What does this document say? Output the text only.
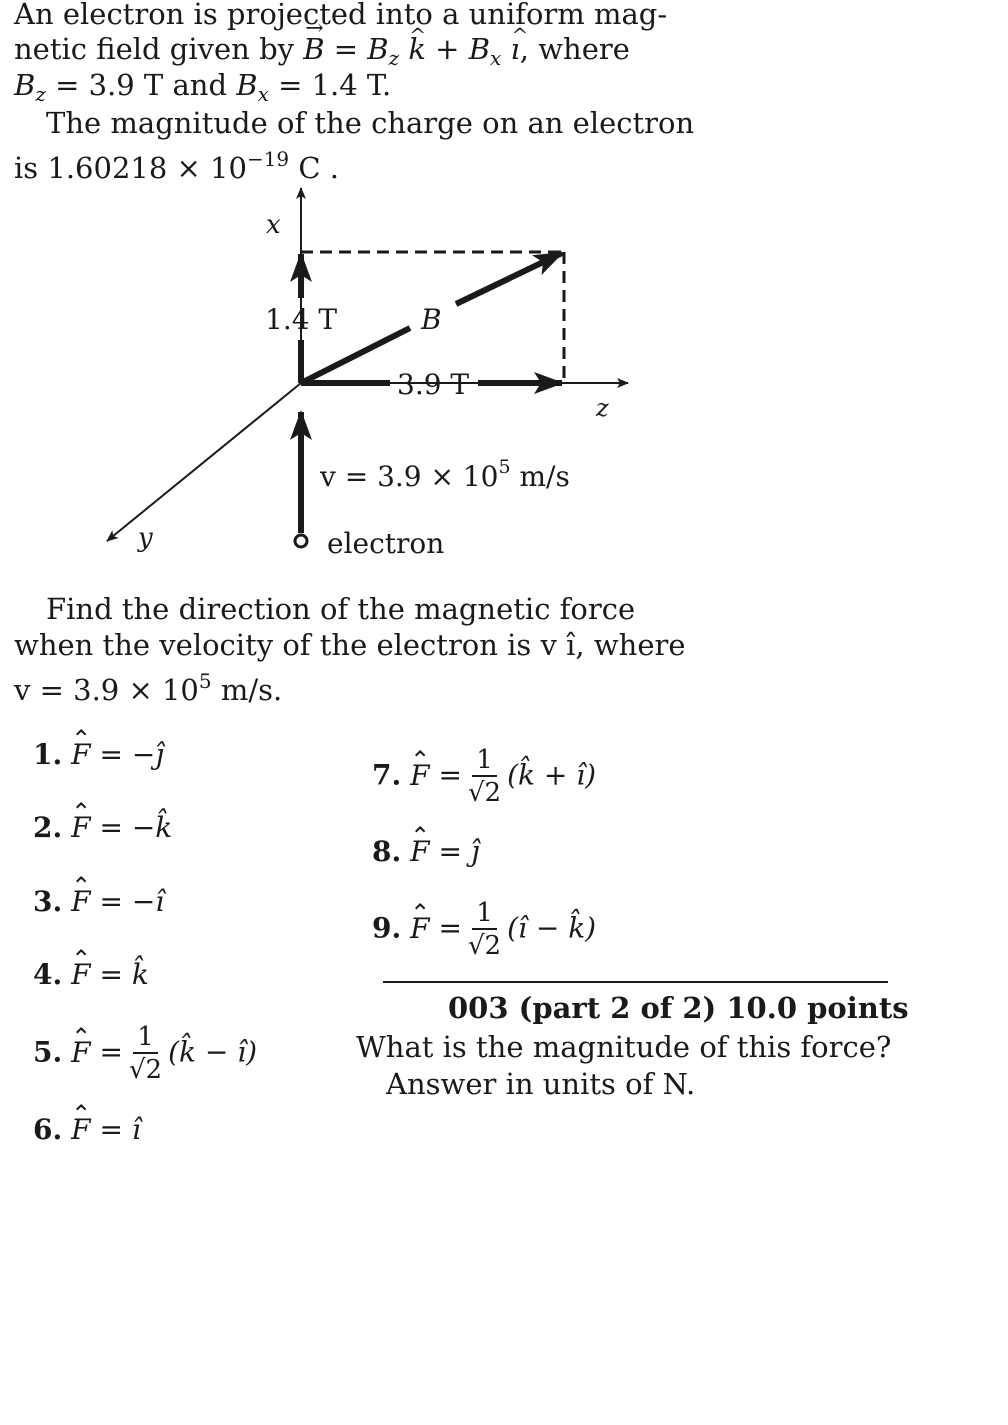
An electron is projected into a uniform mag-
netic field given by → $B = B_z$ ^ $k + B_x$ ^ ı, where
$B_z = 3.9$ T and $B_x = 1.4$ T.
The magnitude of the charge on an electron
is $1.60218 \times 10^{-19}$ C .
x
z
y
1.4 T
3.9 T
B
$v = 3.9 \times 10^5$ m/s
electron
Find the direction of the magnetic force
when the velocity of the electron is v î, where
$v = 3.9 \times 10^5$ m/s.
1. ⌃ F = −ĵ
2. ⌃ F = −k̂
3. ⌃ F = −î
4. ⌃ F = k̂
5. ⌃ $F = \frac{1}{√2}$ (k̂ − î)
6. ⌃ F = î
7. ⌃ $F = \frac{1}{√2}$ (k̂ + î)
8. ⌃ F = ĵ
9. ⌃ $F = \frac{1}{√2}$ (î − k̂)
003 (part 2 of 2) 10.0 points
What is the magnitude of this force?
Answer in units of N.
